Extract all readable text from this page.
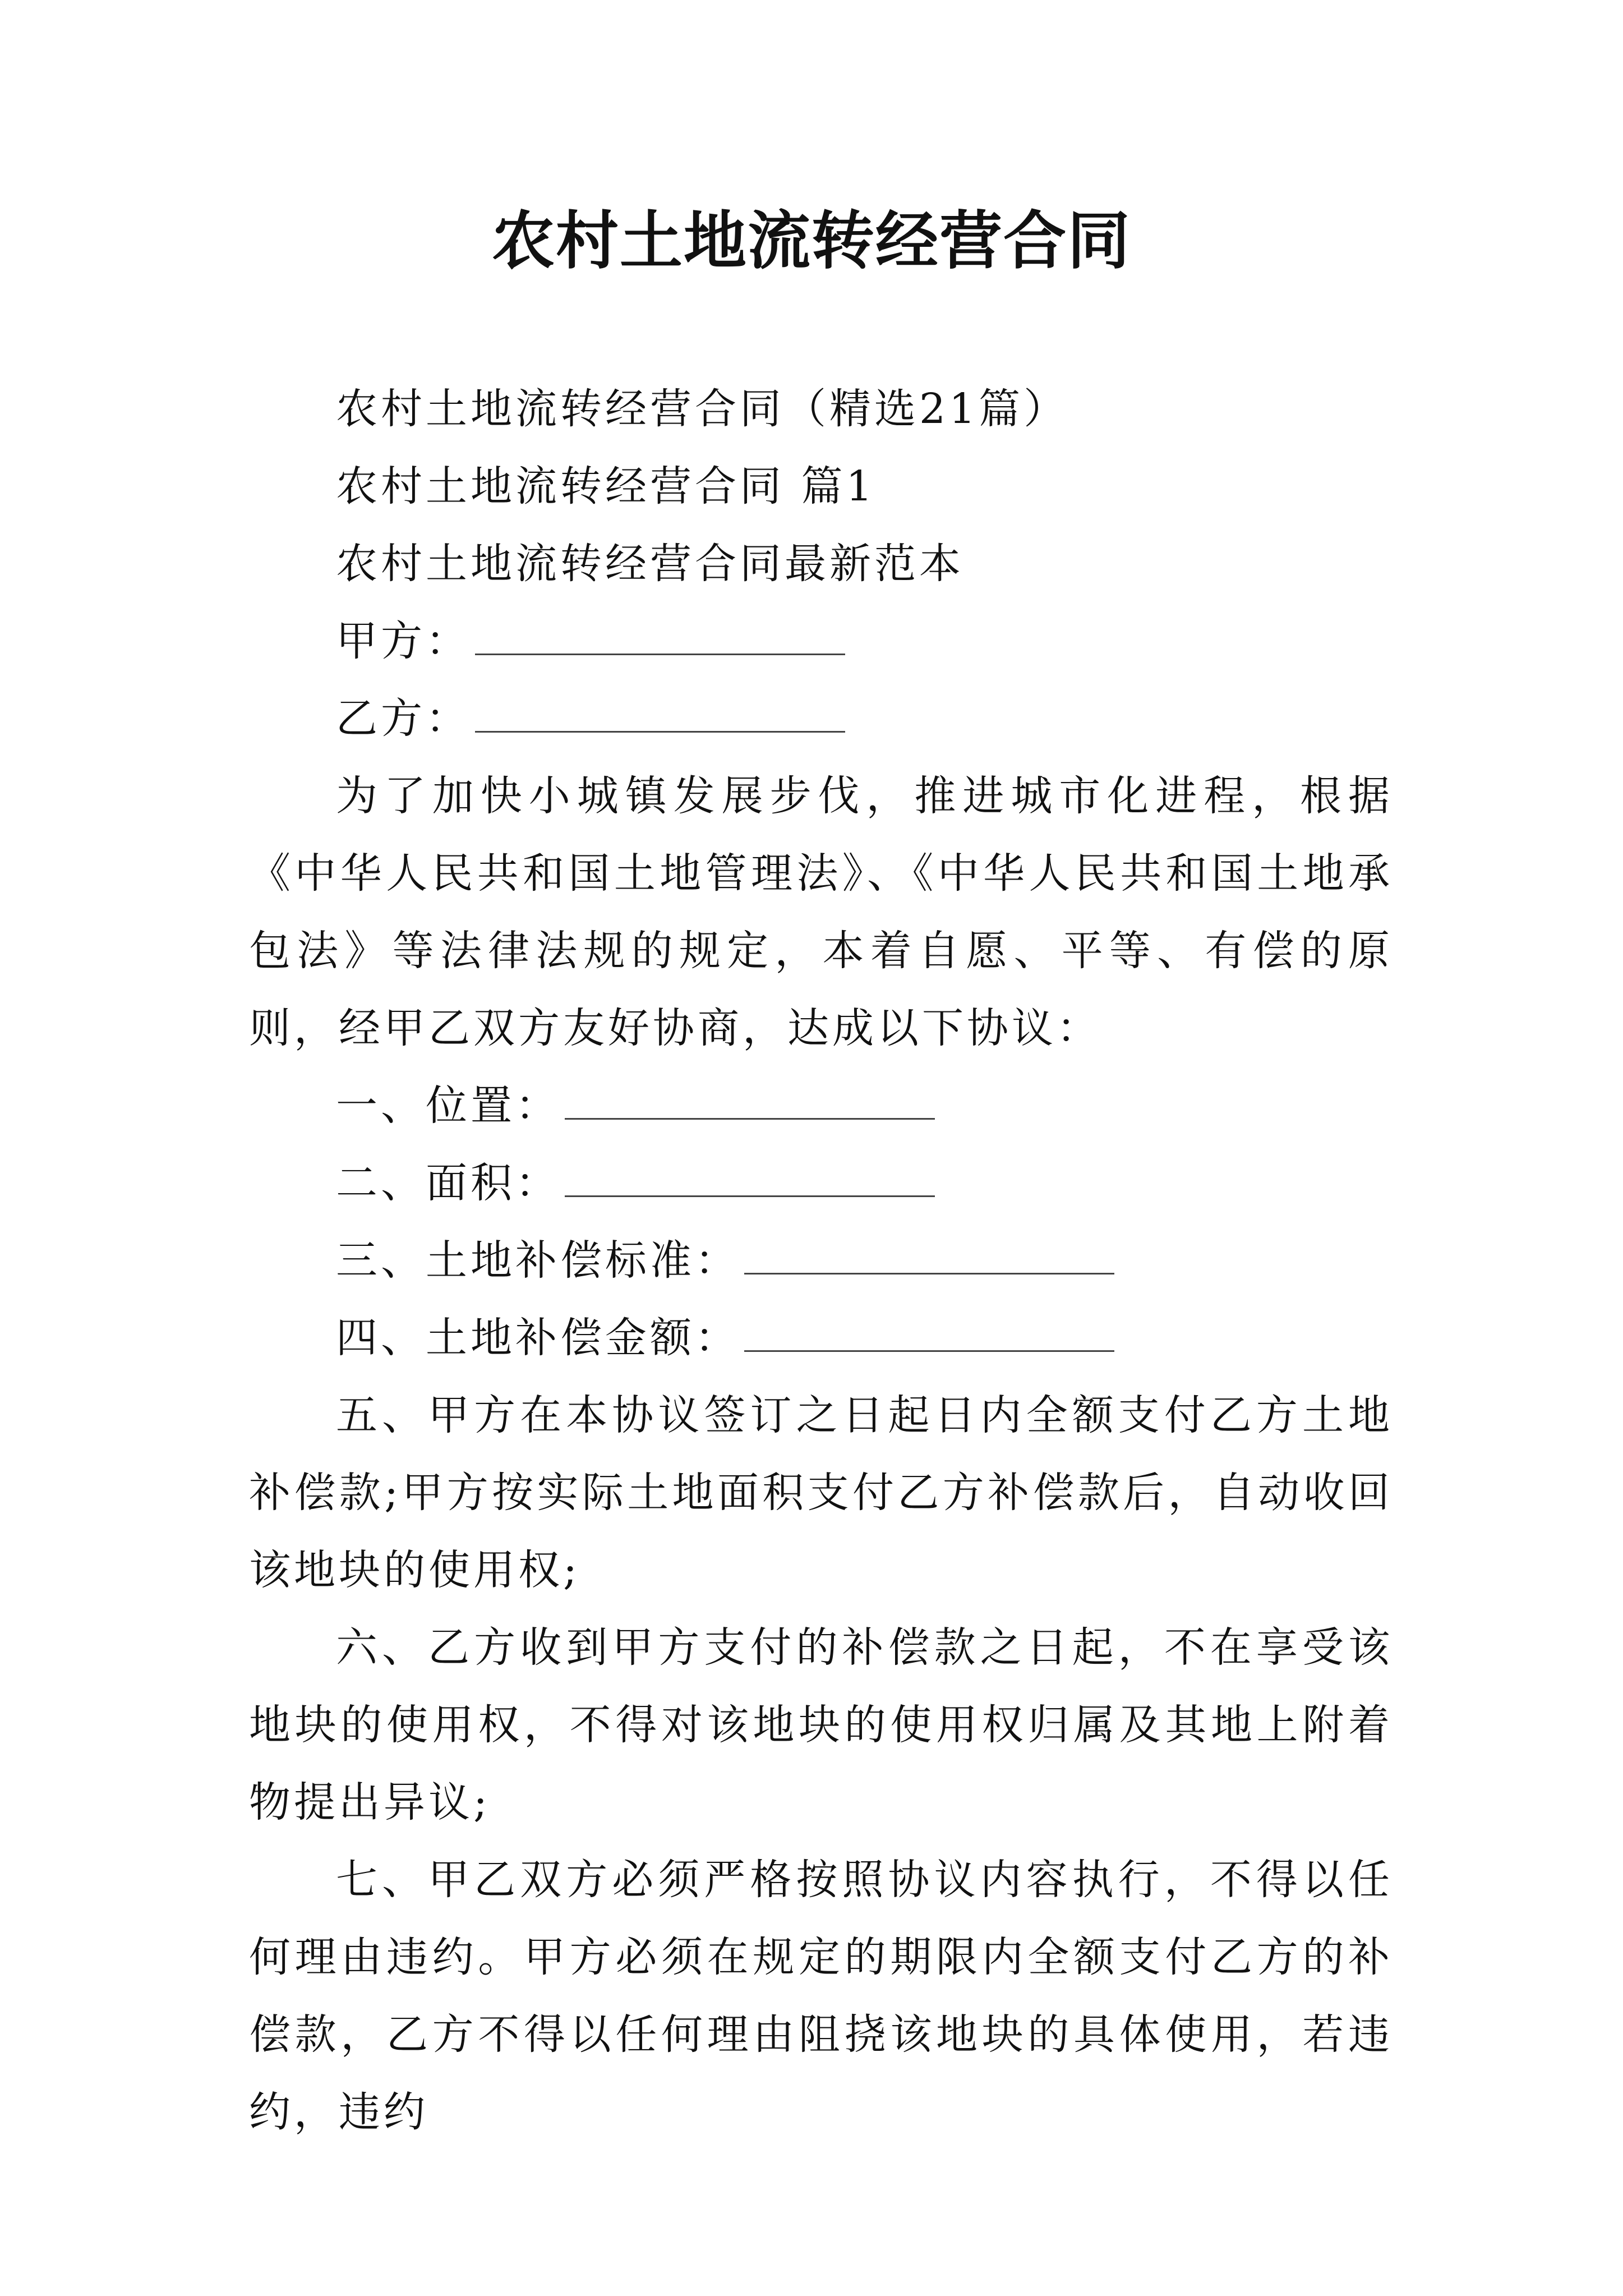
农村土地流转经营合同

农村土地流转经营合同（精选21篇）

农村土地流转经营合同 篇1

农村土地流转经营合同最新范本

甲方：

乙方：

为了加快小城镇发展步伐，推进城市化进程，根据《中华人民共和国土地管理法》、《中华人民共和国土地承包法》等法律法规的规定，本着自愿、平等、有偿的原则，经甲乙双方友好协商，达成以下协议：

一、位置：

二、面积：

三、土地补偿标准：

四、土地补偿金额：

五、甲方在本协议签订之日起日内全额支付乙方土地补偿款;甲方按实际土地面积支付乙方补偿款后，自动收回该地块的使用权;

六、乙方收到甲方支付的补偿款之日起，不在享受该地块的使用权，不得对该地块的使用权归属及其地上附着物提出异议;

七、甲乙双方必须严格按照协议内容执行，不得以任何理由违约。甲方必须在规定的期限内全额支付乙方的补偿款，乙方不得以任何理由阻挠该地块的具体使用，若违约，违约
